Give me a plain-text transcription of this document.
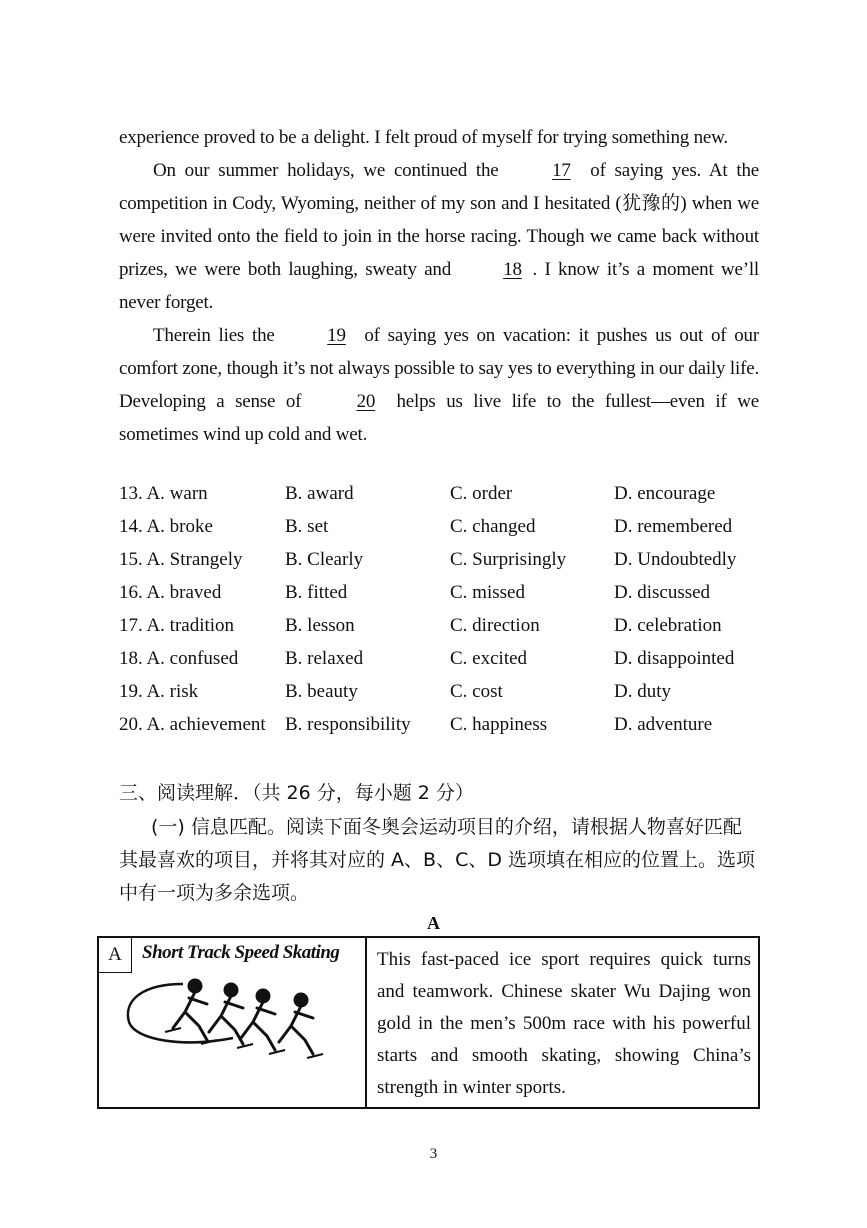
experience proved to be a delight. I felt proud of myself for trying something new.

On our summer holidays, we continued the	17 of saying yes. At the competition in Cody, Wyoming, neither of my son and I hesitated (犹豫的) when we were invited onto the field to join in the horse racing. Though we came back without prizes, we were both laughing, sweaty and	18 . I know it’s a moment we’ll never forget.

Therein lies the	19 of saying yes on vacation: it pushes us out of our comfort zone, though it’s not always possible to say yes to everything in our daily life. Developing a sense of	20 helps us live life to the fullest—even if we sometimes wind up cold and wet.

13. A. warn	B. award	C. order	D. encourage
14. A. broke	B. set	C. changed	D. remembered
15. A. Strangely B. Clearly	C. Surprisingly	D. Undoubtedly
16. A. braved	B. fitted	C. missed	D. discussed
17. A. tradition	B. lesson	C. direction	D. celebration
18. A. confused B. relaxed	C. excited	D. disappointed
19. A. risk	B. beauty	C. cost	D. duty
20. A. achievement B. responsibility C. happiness	D. adventure
三、阅读理解．（共 26 分，每小题 2 分）

(一) 信息匹配。阅读下面冬奥会运动项目的介绍，请根据人物喜好匹配其最喜欢的项目，并将其对应的 A、B、C、D 选项填在相应的位置上。选项中有一项为多余选项。

A
A	Short Track Speed Skating This fast-paced ice sport requires quick turns and teamwork. Chinese skater Wu Dajing won gold in the men’s 500m race with his powerful starts and smooth skating, showing China’s strength in winter sports.
3
